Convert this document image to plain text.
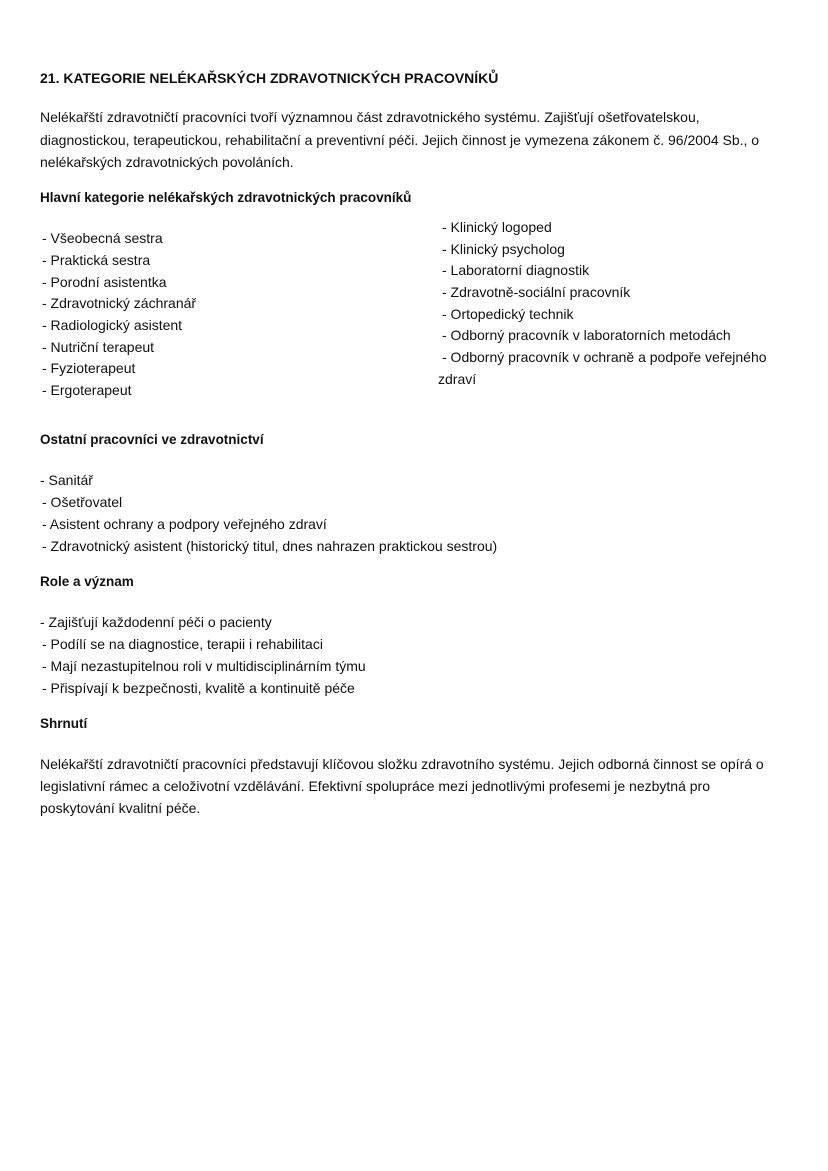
21. KATEGORIE NELÉKAŘSKÝCH ZDRAVOTNICKÝCH PRACOVNÍKŮ
Nelékařští zdravotničtí pracovníci tvoří významnou část zdravotnického systému. Zajišťují ošetřovatelskou,
diagnostickou, terapeutickou, rehabilitační a preventivní péči. Jejich činnost je vymezena zákonem č. 96/2004 Sb., o
nelékařských zdravotnických povoláních.
Hlavní kategorie nelékařských zdravotnických pracovníků
- Všeobecná sestra
- Praktická sestra
- Porodní asistentka
- Zdravotnický záchranář
- Radiologický asistent
- Nutriční terapeut
- Fyzioterapeut
- Ergoterapeut
- Klinický logoped
- Klinický psycholog
- Laboratorní diagnostik
- Zdravotně-sociální pracovník
- Ortopedický technik
- Odborný pracovník v laboratorních metodách
- Odborný pracovník v ochraně a podpoře veřejného
zdraví
Ostatní pracovníci ve zdravotnictví
- Sanitář
- Ošetřovatel
- Asistent ochrany a podpory veřejného zdraví
- Zdravotnický asistent (historický titul, dnes nahrazen praktickou sestrou)
Role a význam
- Zajišťují každodenní péči o pacienty
- Podílí se na diagnostice, terapii i rehabilitaci
- Mají nezastupitelnou roli v multidisciplinárním týmu
- Přispívají k bezpečnosti, kvalitě a kontinuitě péče
Shrnutí
Nelékařští zdravotničtí pracovníci představují klíčovou složku zdravotního systému. Jejich odborná činnost se opírá o
legislativní rámec a celoživotní vzdělávání. Efektivní spolupráce mezi jednotlivými profesemi je nezbytná pro
poskytování kvalitní péče.
